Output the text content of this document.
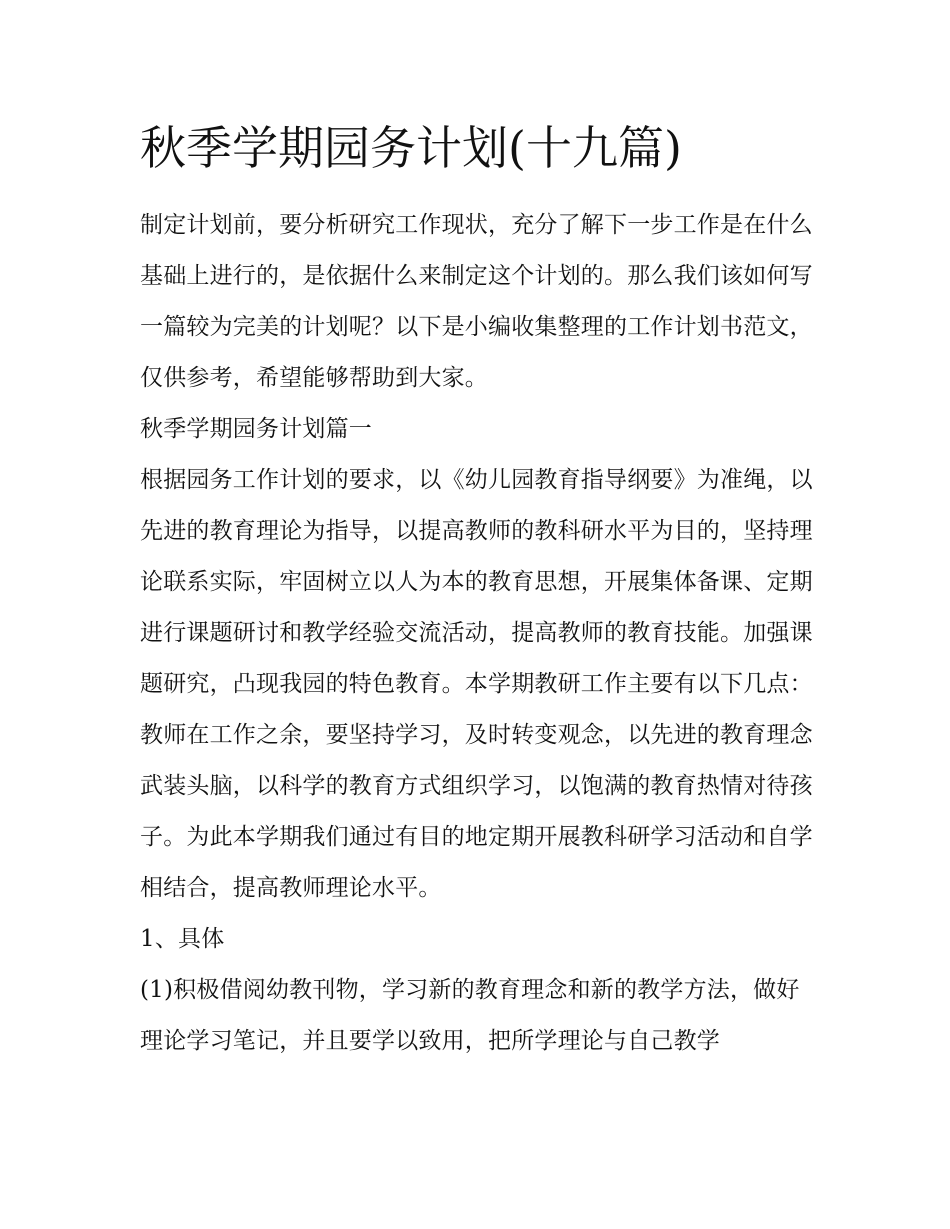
秋季学期园务计划(十九篇)

制定计划前，要分析研究工作现状，充分了解下一步工作是在什么基础上进行的，是依据什么来制定这个计划的。那么我们该如何写一篇较为完美的计划呢？以下是小编收集整理的工作计划书范文，仅供参考，希望能够帮助到大家。

秋季学期园务计划篇一

根据园务工作计划的要求，以《幼儿园教育指导纲要》为准绳，以先进的教育理论为指导，以提高教师的教科研水平为目的，坚持理论联系实际，牢固树立以人为本的教育思想，开展集体备课、定期进行课题研讨和教学经验交流活动，提高教师的教育技能。加强课题研究，凸现我园的特色教育。本学期教研工作主要有以下几点：

教师在工作之余，要坚持学习，及时转变观念，以先进的教育理念武装头脑，以科学的教育方式组织学习，以饱满的教育热情对待孩子。为此本学期我们通过有目的地定期开展教科研学习活动和自学相结合，提高教师理论水平。

1、具体

(1)积极借阅幼教刊物，学习新的教育理念和新的教学方法，做好理论学习笔记，并且要学以致用，把所学理论与自己教学
